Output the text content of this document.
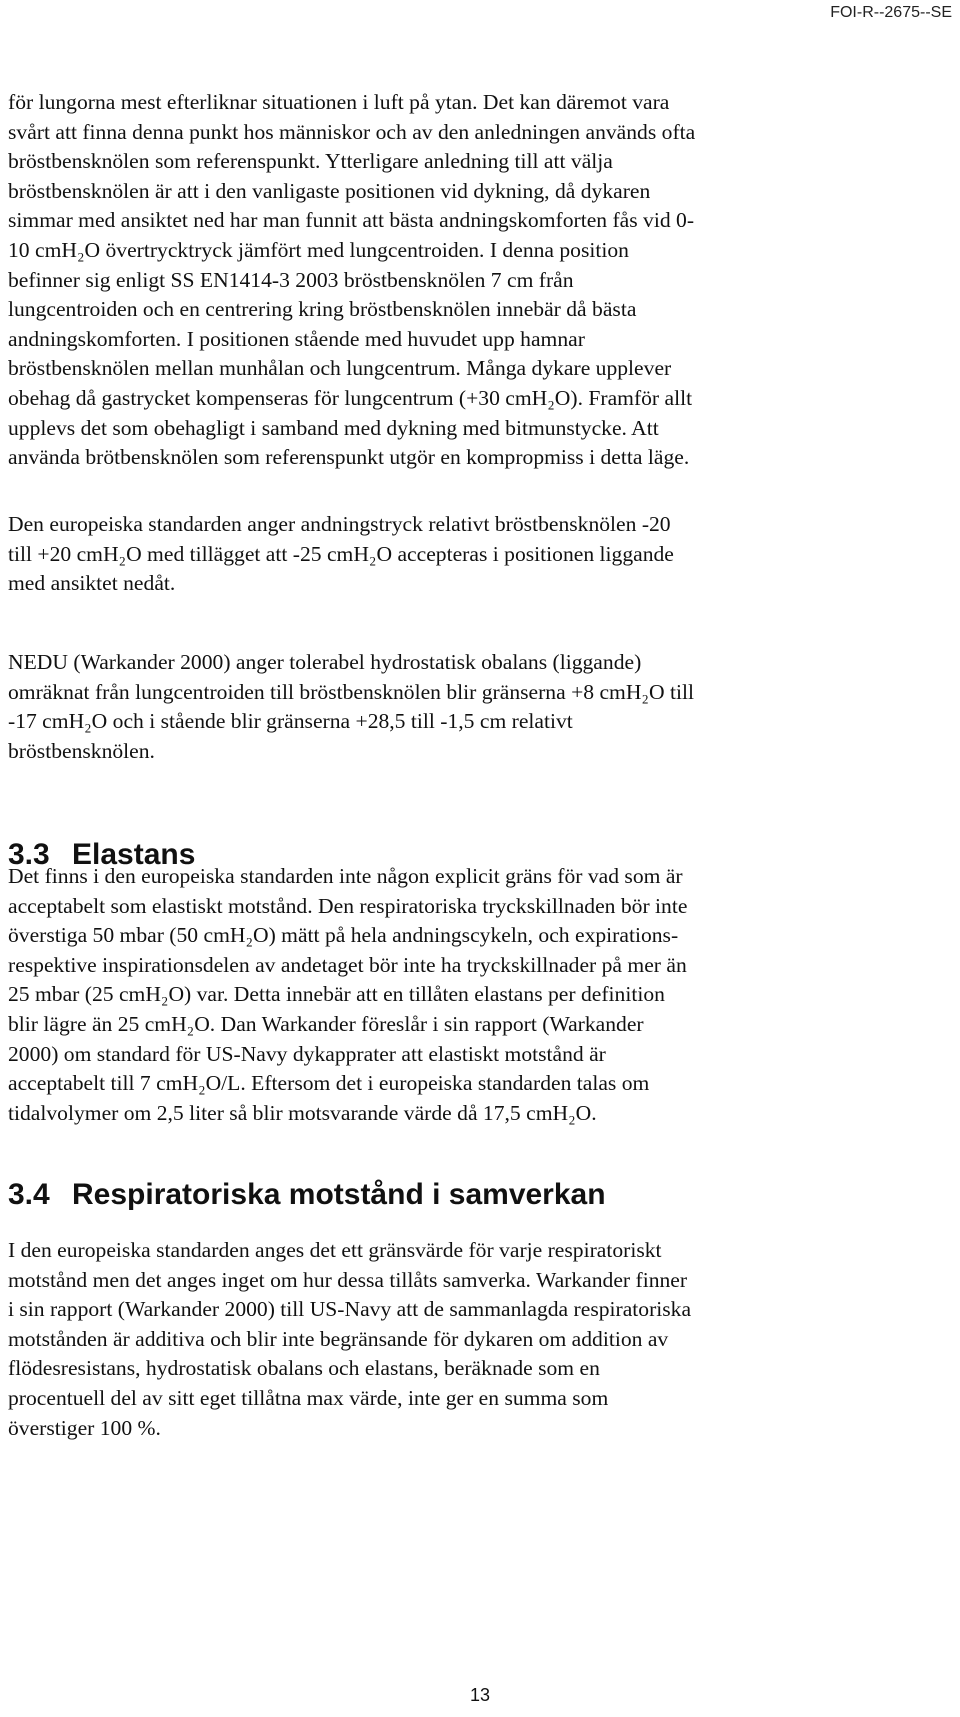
FOI-R--2675--SE
för lungorna mest efterliknar situationen i luft på ytan. Det kan däremot vara
svårt att finna denna punkt hos människor och av den anledningen används ofta
bröstbensknölen som referenspunkt. Ytterligare anledning till att välja
bröstbensknölen är att i den vanligaste positionen vid dykning, då dykaren
simmar med ansiktet ned har man funnit att bästa andningskomforten fås vid 0-
10 cmH₂O övertrycktryck jämfört med lungcentroiden. I denna position
befinner sig enligt SS EN1414-3 2003 bröstbensknölen 7 cm från
lungcentroiden och en centrering kring bröstbensknölen innebär då bästa
andningskomforten. I positionen stående med huvudet upp hamnar
bröstbensknölen mellan munhålan och lungcentrum. Många dykare upplever
obehag då gastrycket kompenseras för lungcentrum (+30 cmH₂O). Framför allt
upplevs det som obehagligt i samband med dykning med bitmunstycke. Att
använda brötbensknölen som referenspunkt utgör en kompropmiss i detta läge.
Den europeiska standarden anger andningstryck relativt bröstbensknölen -20
till +20 cmH₂O med tillägget att -25 cmH₂O accepteras i positionen liggande
med ansiktet nedåt.
NEDU (Warkander 2000) anger tolerabel hydrostatisk obalans (liggande)
omräknat från lungcentroiden till bröstbensknölen blir gränserna +8 cmH₂O till
-17 cmH₂O och i stående blir gränserna +28,5 till -1,5 cm relativt
bröstbensknölen.
3.3 Elastans
Det finns i den europeiska standarden inte någon explicit gräns för vad som är
acceptabelt som elastiskt motstånd. Den respiratoriska tryckskillnaden bör inte
överstiga 50 mbar (50 cmH₂O) mätt på hela andningscykeln, och expirations-
respektive inspirationsdelen av andetaget bör inte ha tryckskillnader på mer än
25 mbar (25 cmH₂O) var. Detta innebär att en tillåten elastans per definition
blir lägre än 25 cmH₂O. Dan Warkander föreslår i sin rapport (Warkander
2000) om standard för US-Navy dykapprater att elastiskt motstånd är
acceptabelt till 7 cmH₂O/L. Eftersom det i europeiska standarden talas om
tidalvolymer om 2,5 liter så blir motsvarande värde då 17,5 cmH₂O.
3.4 Respiratoriska motstånd i samverkan
I den europeiska standarden anges det ett gränsvärde för varje respiratoriskt
motstånd men det anges inget om hur dessa tillåts samverka. Warkander finner
i sin rapport (Warkander 2000) till US-Navy att de sammanlagda respiratoriska
motstånden är additiva och blir inte begränsande för dykaren om addition av
flödesresistans, hydrostatisk obalans och elastans, beräknade som en
procentuell del av sitt eget tillåtna max värde, inte ger en summa som
överstiger 100 %.
13
